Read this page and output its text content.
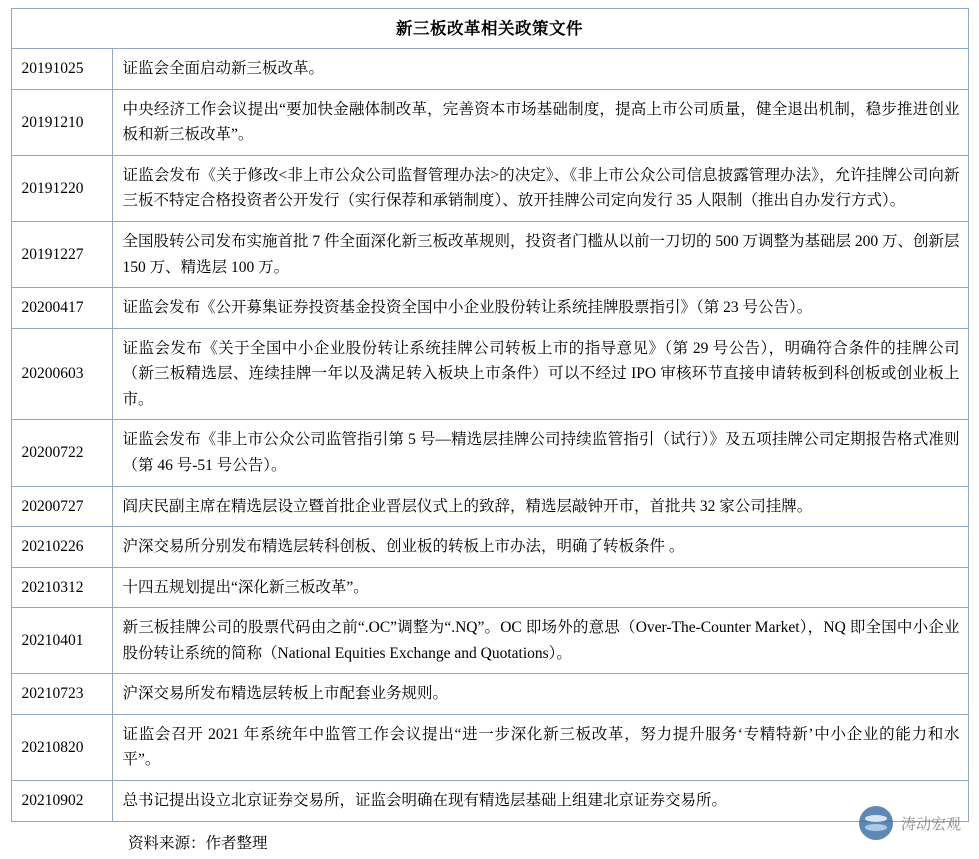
新三板改革相关政策文件	
20191025	证监会全面启动新三板改革。
20191210	中央经济工作会议提出“要加快金融体制改革，完善资本市场基础制度，提高上市公司质量，健全退出机制，稳步推进创业板和新三板改革”。
20191220	证监会发布《关于修改<非上市公众公司监督管理办法>的决定》、《非上市公众公司信息披露管理办法》，允许挂牌公司向新三板不特定合格投资者公开发行（实行保荐和承销制度）、放开挂牌公司定向发行 35 人限制（推出自办发行方式）。
20191227	全国股转公司发布实施首批 7 件全面深化新三板改革规则，投资者门槛从以前一刀切的 500 万调整为基础层 200 万、创新层 150 万、精选层 100 万。
20200417	证监会发布《公开募集证券投资基金投资全国中小企业股份转让系统挂牌股票指引》（第 23 号公告）。
20200603	证监会发布《关于全国中小企业股份转让系统挂牌公司转板上市的指导意见》（第 29 号公告），明确符合条件的挂牌公司（新三板精选层、连续挂牌一年以及满足转入板块上市条件）可以不经过 IPO 审核环节直接申请转板到科创板或创业板上市。
20200722	证监会发布《非上市公众公司监管指引第 5 号—精选层挂牌公司持续监管指引（试行）》及五项挂牌公司定期报告格式准则（第 46 号-51 号公告）。
20200727	阎庆民副主席在精选层设立暨首批企业晋层仪式上的致辞，精选层敲钟开市，首批共 32 家公司挂牌。
20210226	沪深交易所分别发布精选层转科创板、创业板的转板上市办法，明确了转板条件 。
20210312	十四五规划提出“深化新三板改革”。
20210401	新三板挂牌公司的股票代码由之前“.OC”调整为“.NQ”。OC 即场外的意思（Over-The-Counter Market），NQ 即全国中小企业股份转让系统的简称（National Equities Exchange and Quotations）。
20210723	沪深交易所发布精选层转板上市配套业务规则。
20210820	证监会召开 2021 年系统年中监管工作会议提出“进一步深化新三板改革，努力提升服务‘专精特新’中小企业的能力和水平”。
20210902	总书记提出设立北京证券交易所，证监会明确在现有精选层基础上组建北京证券交易所。
资料来源：作者整理
涛动宏观
